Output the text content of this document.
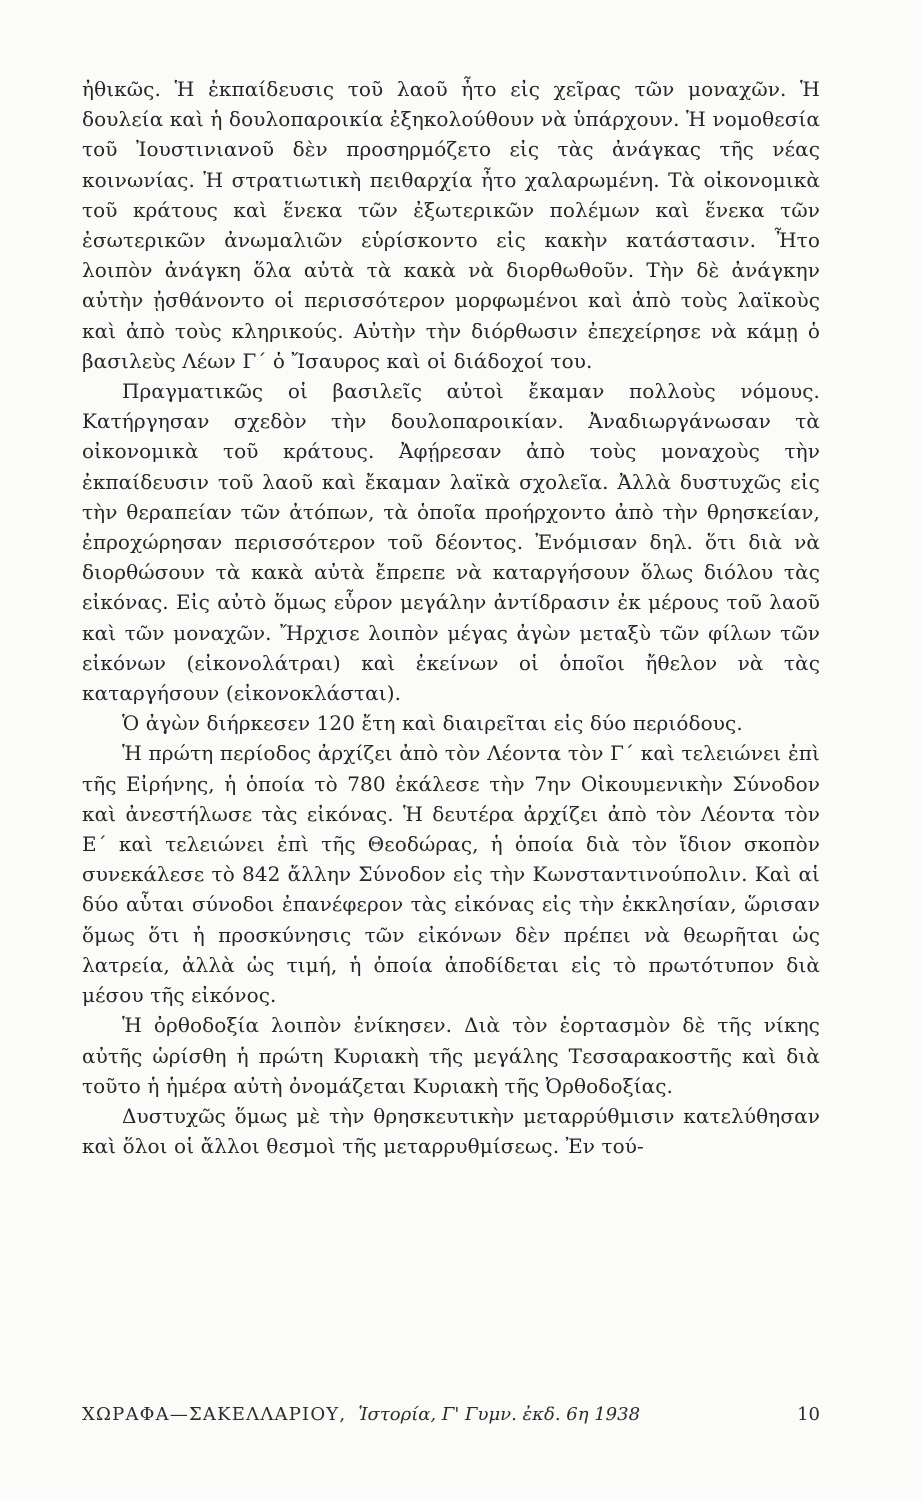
ἠθικῶς. Ἡ ἐκπαίδευσις τοῦ λαοῦ ἦτο εἰς χεῖρας τῶν μοναχῶν. Ἡ δουλεία καὶ ἡ δουλοπαροικία ἐξηκολούθουν νὰ ὑπάρχουν. Ἡ νομοθεσία τοῦ Ἰουστινιανοῦ δὲν προσηρμόζετο εἰς τὰς ἀνάγκας τῆς νέας κοινωνίας. Ἡ στρατιωτικὴ πειθαρχία ἦτο χαλαρωμένη. Τὰ οἰκονομικὰ τοῦ κράτους καὶ ἕνεκα τῶν ἐξωτερικῶν πολέμων καὶ ἕνεκα τῶν ἐσωτερικῶν ἀνωμαλιῶν εὑρίσκοντο εἰς κακὴν κατάστασιν. Ἦτο λοιπὸν ἀνάγκη ὅλα αὐτὰ τὰ κακὰ νὰ διορθωθοῦν. Τὴν δὲ ἀνάγκην αὐτὴν ᾐσθάνοντο οἱ περισσότερον μορφωμένοι καὶ ἀπὸ τοὺς λαϊκοὺς καὶ ἀπὸ τοὺς κληρικούς. Αὐτὴν τὴν διόρθωσιν ἐπεχείρησε νὰ κάμῃ ὁ βασιλεὺς Λέων Γ΄ ὁ Ἴσαυρος καὶ οἱ διάδοχοί του.

Πραγματικῶς οἱ βασιλεῖς αὐτοὶ ἔκαμαν πολλοὺς νόμους. Κατήργησαν σχεδὸν τὴν δουλοπαροικίαν. Ἀναδιωργάνωσαν τὰ οἰκονομικὰ τοῦ κράτους. Ἀφῄρεσαν ἀπὸ τοὺς μοναχοὺς τὴν ἐκπαίδευσιν τοῦ λαοῦ καὶ ἔκαμαν λαϊκὰ σχολεῖα. Ἀλλὰ δυστυχῶς εἰς τὴν θεραπείαν τῶν ἀτόπων, τὰ ὁποῖα προήρχοντο ἀπὸ τὴν θρησκείαν, ἐπροχώρησαν περισσότερον τοῦ δέοντος. Ἐνόμισαν δηλ. ὅτι διὰ νὰ διορθώσουν τὰ κακὰ αὐτὰ ἔπρεπε νὰ καταργήσουν ὅλως διόλου τὰς εἰκόνας. Εἰς αὐτὸ ὅμως εὗρον μεγάλην ἀντίδρασιν ἐκ μέρους τοῦ λαοῦ καὶ τῶν μοναχῶν. Ἤρχισε λοιπὸν μέγας ἀγὼν μεταξὺ τῶν φίλων τῶν εἰκόνων (εἰκονολάτραι) καὶ ἐκείνων οἱ ὁποῖοι ἤθελον νὰ τὰς καταργήσουν (εἰκονοκλάσται).

Ὁ ἀγὼν διήρκεσεν 120 ἔτη καὶ διαιρεῖται εἰς δύο περιόδους.

Ἡ πρώτη περίοδος ἀρχίζει ἀπὸ τὸν Λέοντα τὸν Γ΄ καὶ τελειώνει ἐπὶ τῆς Εἰρήνης, ἡ ὁποία τὸ 780 ἐκάλεσε τὴν 7ην Οἰκουμενικὴν Σύνοδον καὶ ἀνεστήλωσε τὰς εἰκόνας. Ἡ δευτέρα ἀρχίζει ἀπὸ τὸν Λέοντα τὸν Ε΄ καὶ τελειώνει ἐπὶ τῆς Θεοδώρας, ἡ ὁποία διὰ τὸν ἴδιον σκοπὸν συνεκάλεσε τὸ 842 ἄλλην Σύνοδον εἰς τὴν Κωνσταντινούπολιν. Καὶ αἱ δύο αὗται σύνοδοι ἐπανέφερον τὰς εἰκόνας εἰς τὴν ἐκκλησίαν, ὥρισαν ὅμως ὅτι ἡ προσκύνησις τῶν εἰκόνων δὲν πρέπει νὰ θεωρῆται ὡς λατρεία, ἀλλὰ ὡς τιμή, ἡ ὁποία ἀποδίδεται εἰς τὸ πρωτότυπον διὰ μέσου τῆς εἰκόνος.

Ἡ ὀρθοδοξία λοιπὸν ἐνίκησεν. Διὰ τὸν ἑορτασμὸν δὲ τῆς νίκης αὐτῆς ὡρίσθη ἡ πρώτη Κυριακὴ τῆς μεγάλης Τεσσαρακοστῆς καὶ διὰ τοῦτο ἡ ἡμέρα αὐτὴ ὀνομάζεται Κυριακὴ τῆς Ὀρθοδοξίας.

Δυστυχῶς ὅμως μὲ τὴν θρησκευτικὴν μεταρρύθμισιν κατελύθησαν καὶ ὅλοι οἱ ἄλλοι θεσμοὶ τῆς μεταρρυθμίσεως. Ἐν τού-

ΧΩΡΑΦΑ—ΣΑΚΕΛΛΑΡΙΟΥ, Ἱστορία, Γ' Γυμν. ἐκδ. 6η 1938	10
